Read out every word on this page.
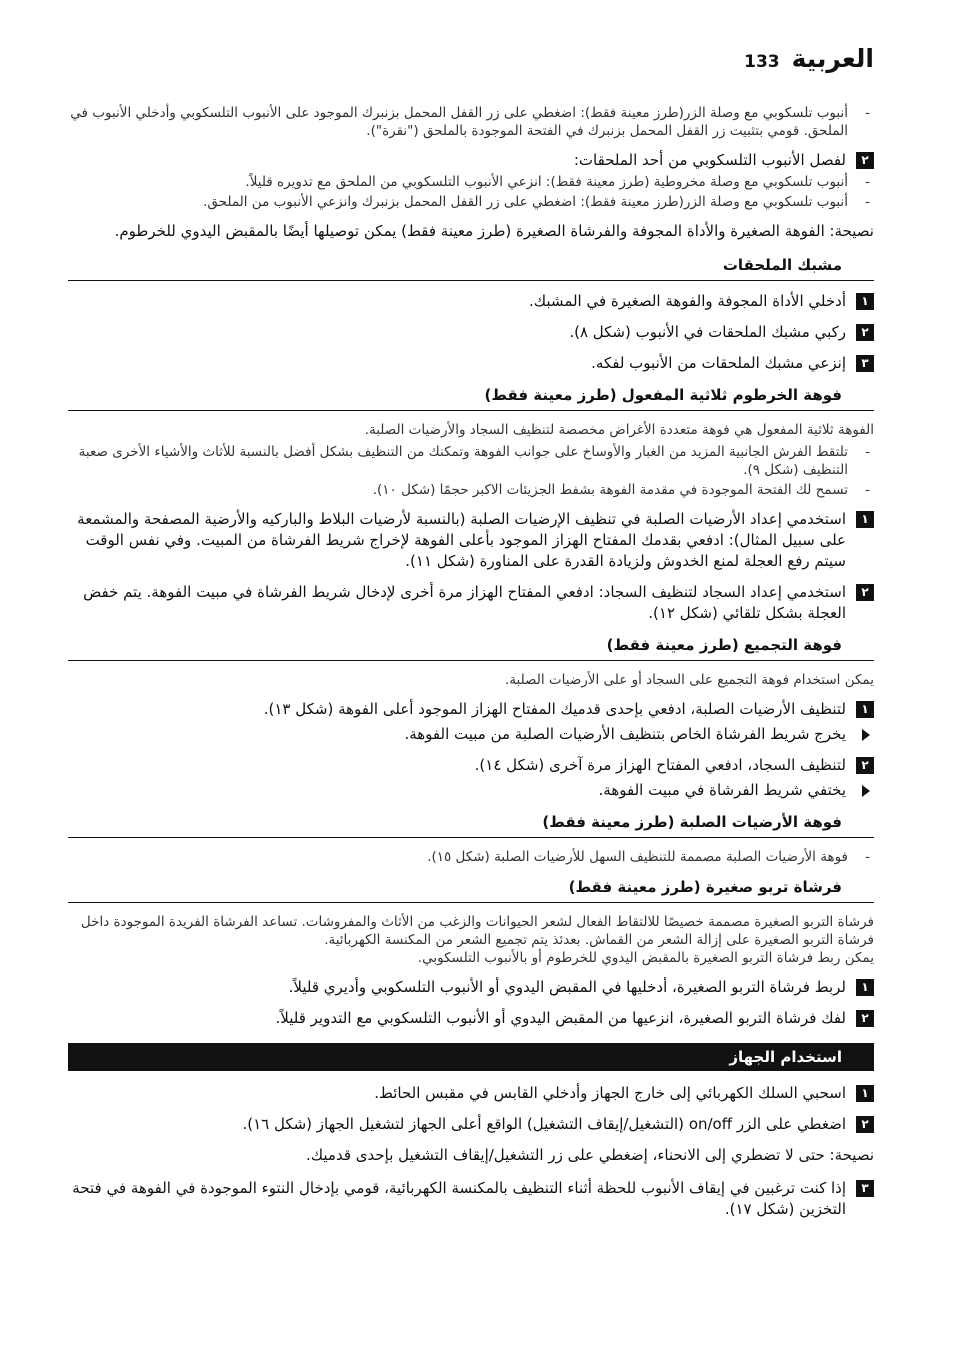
العربية
133
-
أنبوب تلسكوبي مع وصلة الزر(طرز معينة فقط): اضغطي على زر القفل المحمل بزنبرك الموجود على الأنبوب التلسكوبي وأدخلي الأنبوب في الملحق. قومي بتثبيت زر القفل المحمل بزنبرك في الفتحة الموجودة بالملحق ("نقرة").
٢
لفصل الأنبوب التلسكوبي من أحد الملحقات:
-
أنبوب تلسكوبي مع وصلة مخروطية (طرز معينة فقط): انزعي الأنبوب التلسكوبي من الملحق مع تدويره قليلاً.
-
أنبوب تلسكوبي مع وصلة الزر(طرز معينة فقط): اضغطي على زر القفل المحمل بزنبرك وانزعي الأنبوب من الملحق.
نصيحة: الفوهة الصغيرة والأداة المجوفة والفرشاة الصغيرة (طرز معينة فقط) يمكن توصيلها أيضًا بالمقبض اليدوي للخرطوم.
مشبك الملحقات
١
أدخلي الأداة المجوفة والفوهة الصغيرة في المشبك.
٢
ركبي مشبك الملحقات في الأنبوب (شكل ٨).
٣
إنزعي مشبك الملحقات من الأنبوب لفكه.
فوهة الخرطوم ثلاثية المفعول (طرز معينة فقط)
الفوهة ثلاثية المفعول هي فوهة متعددة الأغراض مخصصة لتنظيف السجاد والأرضيات الصلبة.
-
تلتقط الفرش الجانبية المزيد من الغبار والأوساخ على جوانب الفوهة وتمكنك من التنظيف بشكل أفضل بالنسبة للأثاث والأشياء الأخرى صعبة التنظيف (شكل ٩).
-
تسمح لك الفتحة الموجودة في مقدمة الفوهة بشفط الجزيئات الاكبر حجمًا (شكل ١٠).
١
استخدمي إعداد الأرضيات الصلبة في تنظيف الإرضيات الصلبة (بالنسبة لأرضيات البلاط والباركيه والأرضية المصفحة والمشمعة على سبيل المثال): ادفعي بقدمك المفتاح الهزاز الموجود بأعلى الفوهة لإخراج شريط الفرشاة من المبيت. وفي نفس الوقت سيتم رفع العجلة لمنع الخدوش ولزيادة القدرة على المناورة (شكل ١١).
٢
استخدمي إعداد السجاد لتنظيف السجاد: ادفعي المفتاح الهزاز مرة أخرى لإدخال شريط الفرشاة في مبيت الفوهة. يتم خفض العجلة بشكل تلقائي (شكل ١٢).
فوهة التجميع (طرز معينة فقط)
يمكن استخدام فوهة التجميع على السجاد أو على الأرضيات الصلبة.
١
لتنظيف الأرضيات الصلبة، ادفعي بإحدى قدميك المفتاح الهزاز الموجود أعلى الفوهة (شكل ١٣).
يخرج شريط الفرشاة الخاص بتنظيف الأرضيات الصلبة من مبيت الفوهة.
٢
لتنظيف السجاد، ادفعي المفتاح الهزاز مرة آخرى (شكل ١٤).
يختفي شريط الفرشاة في مبيت الفوهة.
فوهة الأرضيات الصلبة (طرز معينة فقط)
-
فوهة الأرضيات الصلبة مصممة للتنظيف السهل للأرضيات الصلبة (شكل ١٥).
فرشاة تربو صغيرة (طرز معينة فقط)
فرشاة التربو الصغيرة مصممة خصيصًا للالتقاط الفعال لشعر الحيوانات والزغب من الأثاث والمفروشات. تساعد الفرشاة الفريدة الموجودة داخل فرشاة التربو الصغيرة على إزالة الشعر من القماش. بعدئذ يتم تجميع الشعر من المكنسة الكهربائية.
يمكن ربط فرشاة التربو الصغيرة بالمقبض اليدوي للخرطوم أو بالأنبوب التلسكوبي.
١
لربط فرشاة التربو الصغيرة، أدخليها في المقبض اليدوي أو الأنبوب التلسكوبي وأديري قليلاً.
٢
لفك فرشاة التربو الصغيرة، انزعيها من المقبض اليدوي أو الأنبوب التلسكوبي مع التدوير قليلاً.
استخدام الجهاز
١
اسحبي السلك الكهربائي إلى خارج الجهاز وأدخلي القابس في مقبس الحائط.
٢
اضغطي على الزر on/off (التشغيل/إيقاف التشغيل) الواقع أعلى الجهاز لتشغيل الجهاز (شكل ١٦).
نصيحة: حتى لا تضطري إلى الانحناء، إضغطي على زر التشغيل/إيقاف التشغيل بإحدى قدميك.
٣
إذا كنت ترغبين في إيقاف الأنبوب للحظة أثناء التنظيف بالمكنسة الكهربائية، قومي بإدخال النتوء الموجودة في الفوهة في فتحة التخزين (شكل ١٧).
